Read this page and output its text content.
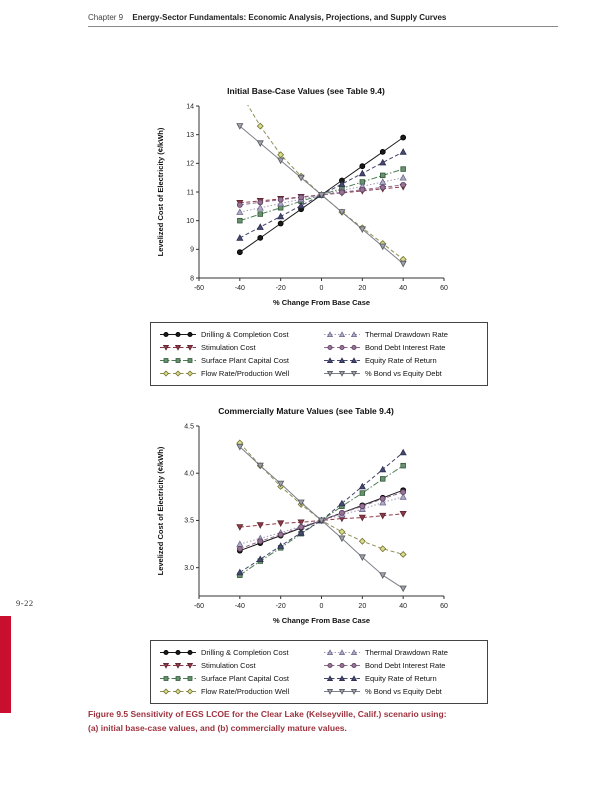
Chapter 9 Energy-Sector Fundamentals: Economic Analysis, Projections, and Supply Curves
Initial Base-Case Values (see Table 9.4)
-60	-40	-20	0	20	40	60
8
9
10
11
12
13
14
% Change From Base Case
Levelized Cost of Electricity (¢/kWh)
Drilling & Completion Cost
Stimulation Cost
Surface Plant Capital Cost
Flow Rate/Production Well
Thermal Drawdown Rate
Bond Debt Interest Rate
Equity Rate of Return
% Bond vs Equity Debt
Commercially Mature Values (see Table 9.4)
-60	-40	-20	0	20	40	60
3.0
3.5
4.0
4.5
% Change From Base Case
Levelized Cost of Electricity (¢/kWh)
Drilling & Completion Cost
Stimulation Cost
Surface Plant Capital Cost
Flow Rate/Production Well
Thermal Drawdown Rate
Bond Debt Interest Rate
Equity Rate of Return
% Bond vs Equity Debt
9-22
Figure 9.5 Sensitivity of EGS LCOE for the Clear Lake (Kelseyville, Calif.) scenario using:
(a) initial base-case values, and (b) commercially mature values.
